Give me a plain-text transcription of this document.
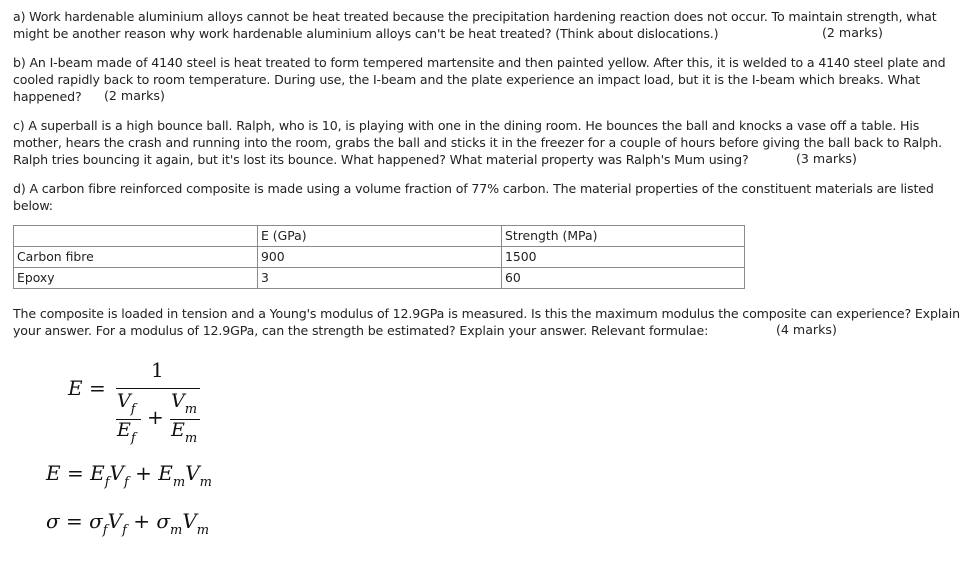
a) Work hardenable aluminium alloys cannot be heat treated because the precipitation hardening reaction does not occur. To maintain strength, what might be another reason why work hardenable aluminium alloys can't be heat treated? (Think about dislocations.)	(2 marks)

b) An I-beam made of 4140 steel is heat treated to form tempered martensite and then painted yellow. After this, it is welded to a 4140 steel plate and cooled rapidly back to room temperature. During use, the I-beam and the plate experience an impact load, but it is the I-beam which breaks. What happened?	(2 marks)

c) A superball is a high bounce ball. Ralph, who is 10, is playing with one in the dining room. He bounces the ball and knocks a vase off a table. His mother, hears the crash and running into the room, grabs the ball and sticks it in the freezer for a couple of hours before giving the ball back to Ralph. Ralph tries bouncing it again, but it's lost its bounce. What happened? What material property was Ralph's Mum using?	(3 marks)

d) A carbon fibre reinforced composite is made using a volume fraction of 77% carbon. The material properties of the constituent materials are listed below:

	E (GPa)	Strength (MPa)
Carbon fibre	900	1500
Epoxy	3	60

The composite is loaded in tension and a Young's modulus of 12.9GPa is measured. Is this the maximum modulus the composite can experience? Explain your answer. For a modulus of 12.9GPa, can the strength be estimated? Explain your answer. Relevant formulae:	(4 marks)
E =
1
$V_f$
$E_f$
+
$V_m$
$E_m$
$E = E_fV_f + E_mV_m$
$\sigma = \sigma_fV_f + \sigma_mV_m$
